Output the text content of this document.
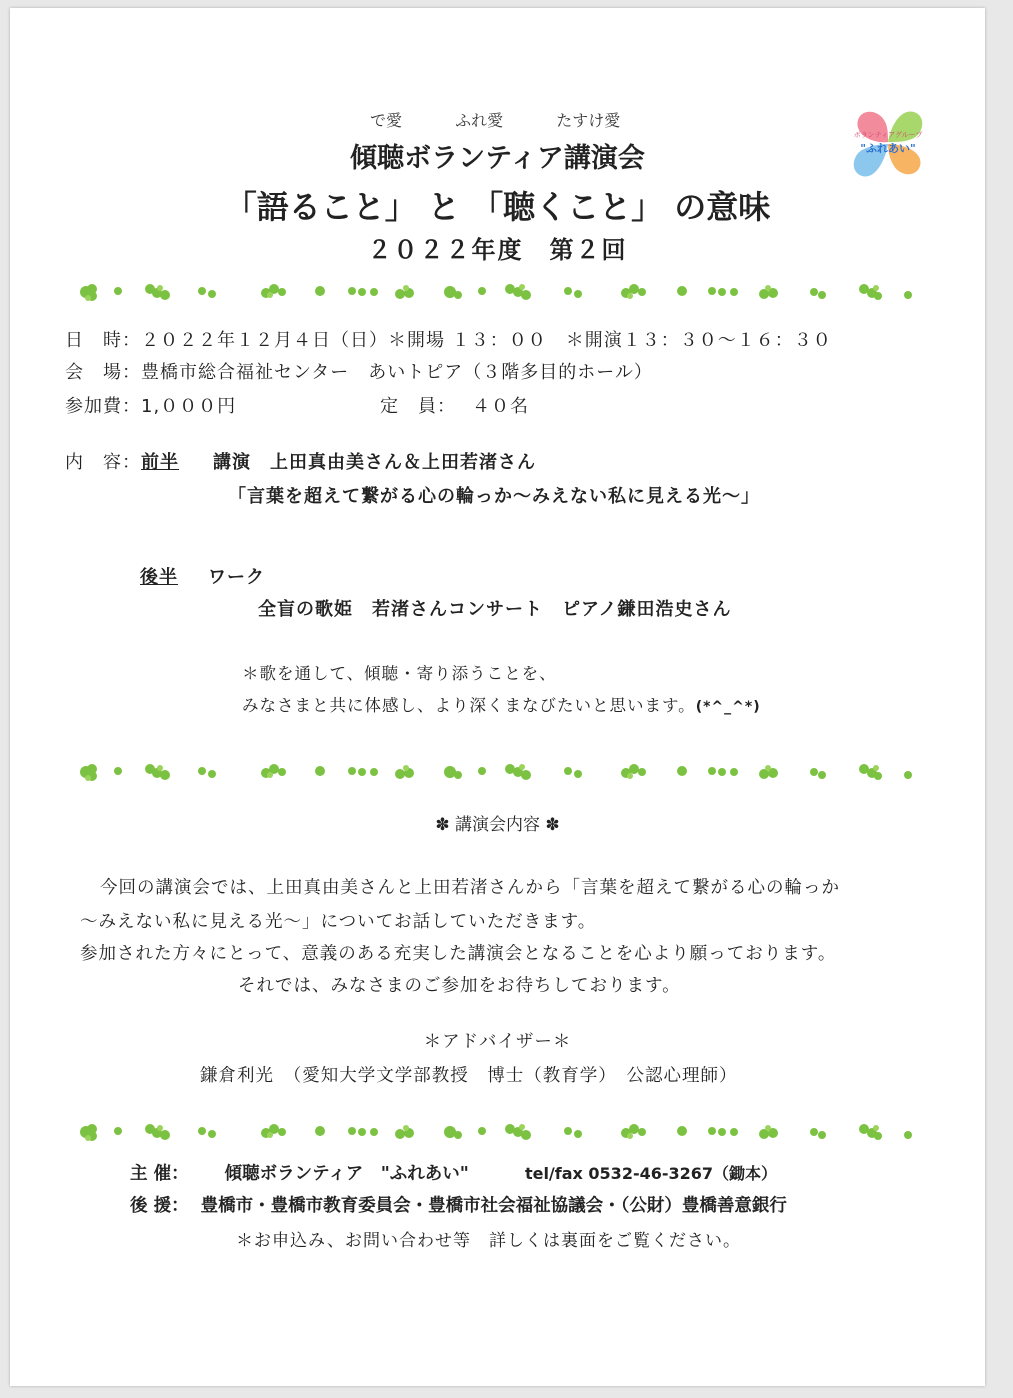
で愛	ふれ愛	たすけ愛
ボランティアグループ
"ふれあい"
傾聴ボランティア講演会
「語ること」 と 「聴くこと」 の意味
２０２２年度　第２回
日　時：２０２２年１２月４日（日）＊開場 １３：００　＊開演１３：３０～１６：３０
会　場：豊橋市総合福祉センター　あいトピア（３階多目的ホール）
参加費：1,０００円	定　員： ４０名
内　容：前半 講演　上田真由美さん＆上田若渚さん
「言葉を超えて繋がる心の輪っか～みえない私に見える光～」
後半 ワーク
全盲の歌姫　若渚さんコンサート　ピアノ鎌田浩史さん
＊歌を通して、傾聴・寄り添うことを、
みなさまと共に体感し、より深くまなびたいと思います。(*^_^*)
✽ 講演会内容 ✽
今回の講演会では、上田真由美さんと上田若渚さんから「言葉を超えて繋がる心の輪っか
～みえない私に見える光～」についてお話していただきます。
参加された方々にとって、意義のある充実した講演会となることを心より願っております。
それでは、みなさまのご参加をお待ちしております。
＊アドバイザー＊
鎌倉利光　（愛知大学文学部教授　博士（教育学）　公認心理師）
主 催： 傾聴ボランティア　"ふれあい"	tel/fax 0532-46-3267（鋤本）
後 援： 豊橋市・豊橋市教育委員会・豊橋市社会福祉協議会・（公財）豊橋善意銀行
＊お申込み、お問い合わせ等　詳しくは裏面をご覧ください。
